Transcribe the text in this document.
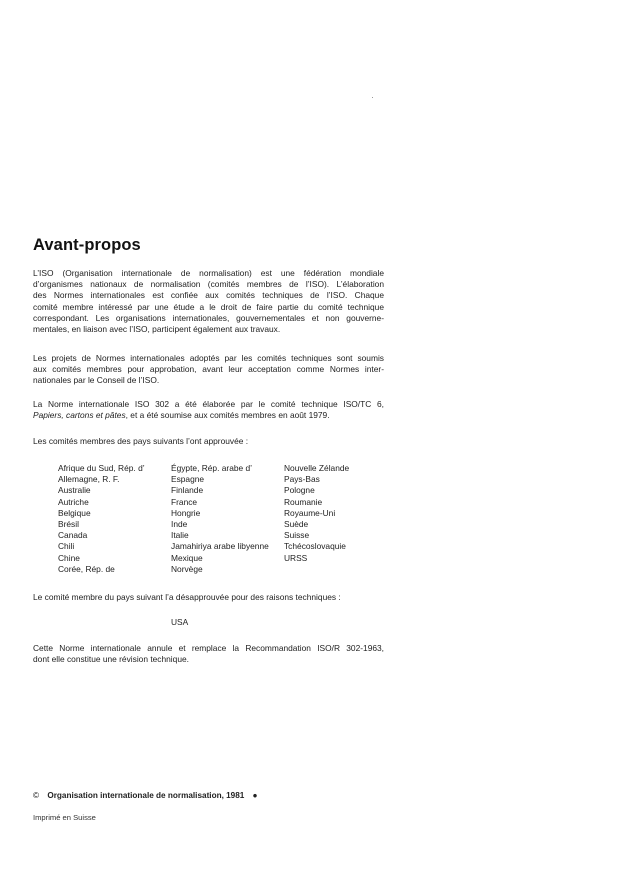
Avant-propos

L’ISO (Organisation internationale de normalisation) est une fédération mondiale
d’organismes nationaux de normalisation (comités membres de l’ISO). L’élaboration
des Normes internationales est confiée aux comités techniques de l’ISO. Chaque
comité membre intéressé par une étude a le droit de faire partie du comité technique
correspondant. Les organisations internationales, gouvernementales et non gouverne-
mentales, en liaison avec l’ISO, participent également aux travaux.

Les projets de Normes internationales adoptés par les comités techniques sont soumis
aux comités membres pour approbation, avant leur acceptation comme Normes inter-
nationales par le Conseil de l’ISO.

La Norme internationale ISO 302 a été élaborée par le comité technique ISO/TC 6,
Papiers, cartons et pâtes, et a été soumise aux comités membres en août 1979.

Les comités membres des pays suivants l’ont approuvée :

Afrique du Sud, Rép. d’
Allemagne, R. F.
Australie
Autriche
Belgique
Brésil
Canada
Chili
Chine
Corée, Rép. de
Égypte, Rép. arabe d’
Espagne
Finlande
France
Hongrie
Inde
Italie
Jamahiriya arabe libyenne
Mexique
Norvège
Nouvelle Zélande
Pays-Bas
Pologne
Roumanie
Royaume-Uni
Suède
Suisse
Tchécoslovaquie
URSS

Le comité membre du pays suivant l’a désapprouvée pour des raisons techniques :

USA

Cette Norme internationale annule et remplace la Recommandation ISO/R 302-1963,
dont elle constitue une révision technique.

© Organisation internationale de normalisation, 1981 ●

Imprimé en Suisse
